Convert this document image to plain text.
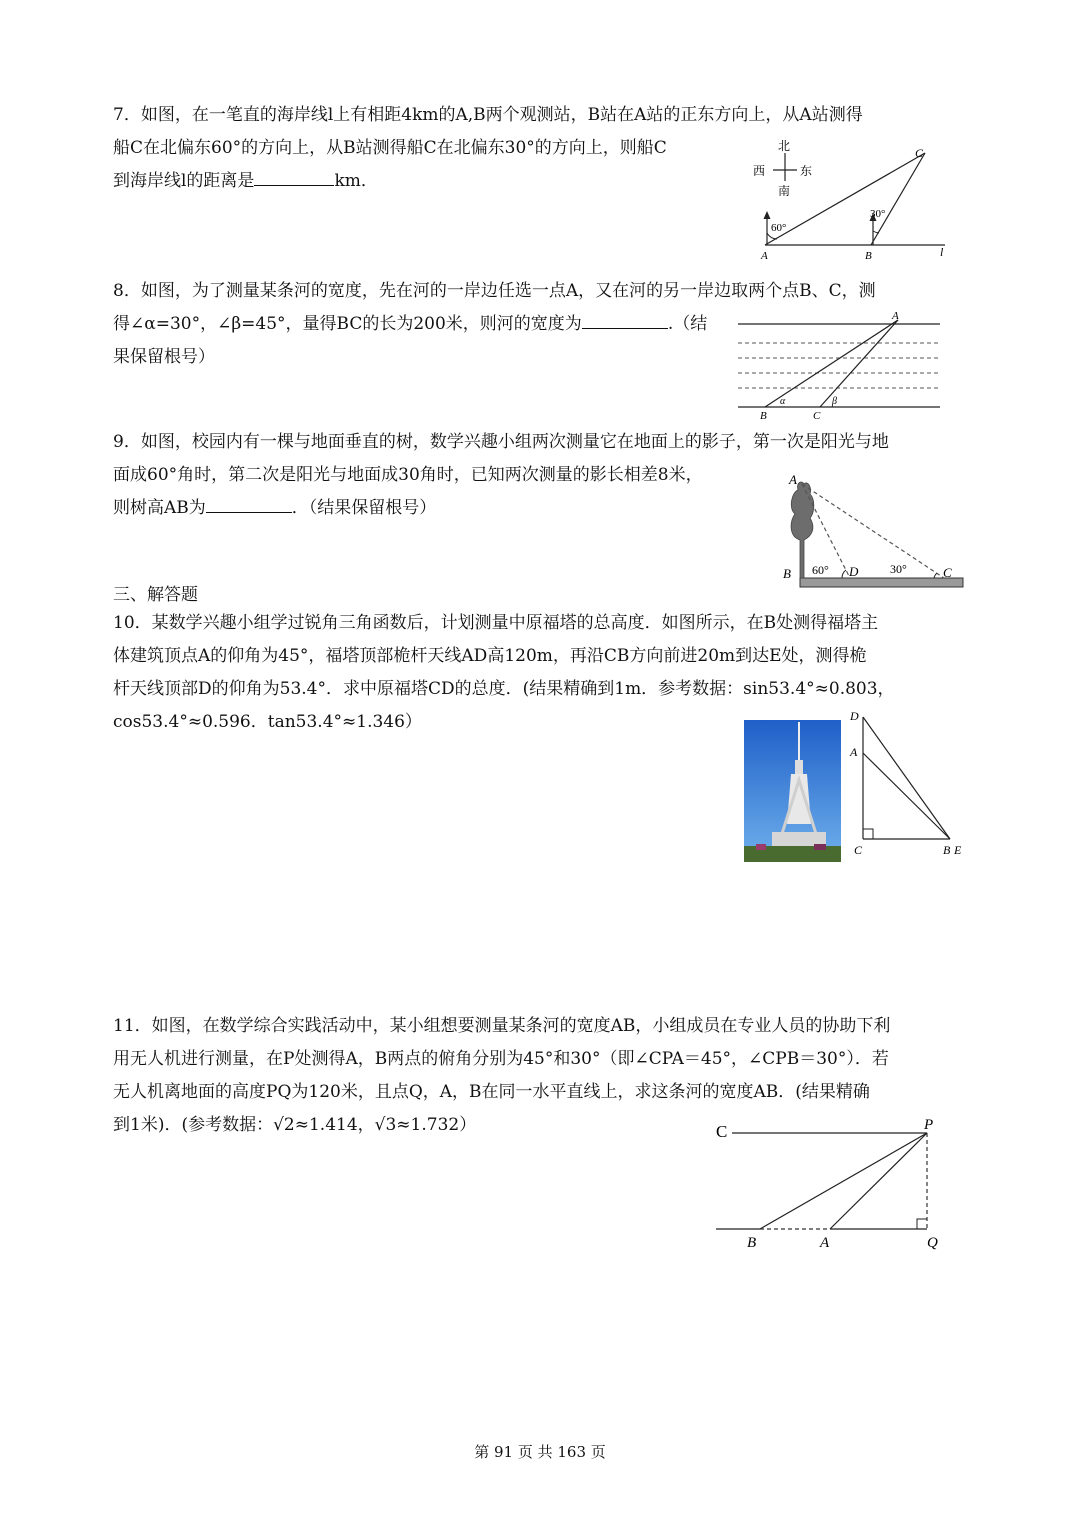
7．如图，在一笔直的海岸线l上有相距4km的A,B两个观测站，B站在A站的正东方向上，从A站测得

船C在北偏东60°的方向上，从B站测得船C在北偏东30°的方向上，则船C

到海岸线l的距离是	km．

北
南
西	东
60°
30°
A	B
C
l

8．如图，为了测量某条河的宽度，先在河的一岸边任选一点A，又在河的另一岸边取两个点B、C，测

得∠α=30°，∠β=45°，量得BC的长为200米，则河的宽度为	.（结

果保留根号）

A
B	C
α	β

9．如图，校园内有一棵与地面垂直的树，数学兴趣小组两次测量它在地面上的影子，第一次是阳光与地

面成60°角时，第二次是阳光与地面成30角时，已知两次测量的影长相差8米，

则树高AB为	．（结果保留根号）

A
B	D	C
60°	30°
三、解答题

10．某数学兴趣小组学过锐角三角函数后，计划测量中原福塔的总高度．如图所示，在B处测得福塔主

体建筑顶点A的仰角为45°，福塔顶部桅杆天线AD高120m，再沿CB方向前进20m到达E处，测得桅

杆天线顶部D的仰角为53.4°．求中原福塔CD的总度．(结果精确到1m．参考数据：sin53.4°≈0.803，

cos53.4°≈0.596．tan53.4°≈1.346）	D
A
C	B E

11．如图，在数学综合实践活动中，某小组想要测量某条河的宽度AB，小组成员在专业人员的协助下利

用无人机进行测量，在P处测得A，B两点的俯角分别为45°和30°（即∠CPA＝45°，∠CPB＝30°）．若

无人机离地面的高度PQ为120米，且点Q，A，B在同一水平直线上，求这条河的宽度AB．(结果精确

到1米)．(参考数据：√2≈1.414，√3≈1.732）	C	P
B	A	Q
第 91 页 共 163 页
